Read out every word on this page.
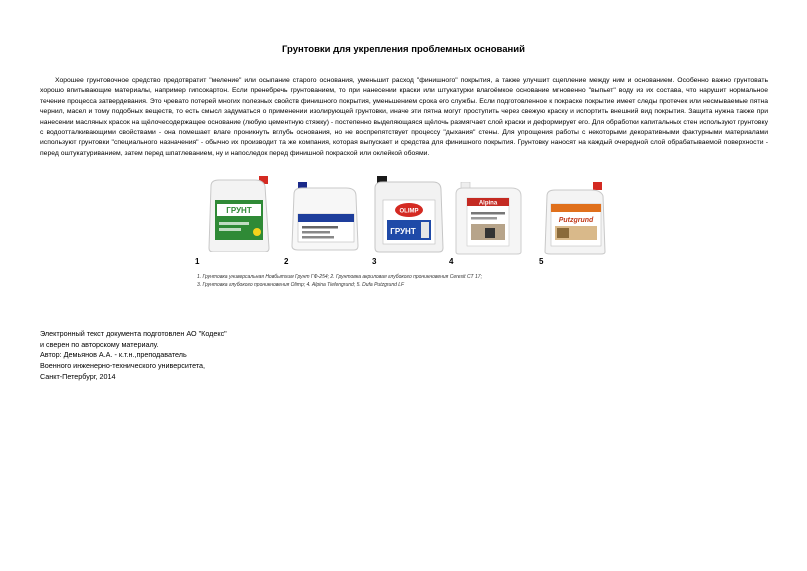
Грунтовки для укрепления проблемных оснований

Хорошее грунтовочное средство предотвратит "меление" или осыпание старого основания, уменьшит расход "финишного" покрытия, а также улучшит сцепление между ним и основанием. Особенно важно грунтовать хорошо впитывающие материалы, например гипсокартон. Если пренебречь грунтованием, то при нанесении краски или штукатурки влагоёмкое основание мгновенно "выпьет" воду из их состава, что нарушит нормальное течение процесса затвердевания. Это чревато потерей многих полезных свойств финишного покрытия, уменьшением срока его службы. Если подготовленное к покраске покрытие имеет следы протечек или несмываемые пятна чернил, масел и тому подобных веществ, то есть смысл задуматься о применении изолирующей грунтовки, иначе эти пятна могут проступить через свежую краску и испортить внешний вид покрытия. Защита нужна также при нанесении масляных красок на щёлочесодержащее основание (любую цементную стяжку) - постепенно выделяющаяся щёлочь размягчает слой краски и деформирует его. Для обработки капитальных стен используют грунтовку с водоотталкивающими свойствами - она помешает влаге проникнуть вглубь основания, но не воспрепятствует процессу "дыхания" стены. Для упрощения работы с некоторыми декоративными фактурными материалами используют грунтовки "специального назначения" - обычно их производит та же компания, которая выпускает и средства для финишного покрытия. Грунтовку наносят на каждый очередной слой обрабатываемой поверхности - перед оштукатуриванием, затем перед шпатлеванием, ну и напоследок перед финишной покраской или оклейкой обоями.

ГРУНТ	OLIMP
ГРУНТ
Alpina
Putzgrund
1	2	3	4	5
1. Грунтовка универсальная Новбытхим Грунт ГФ-254; 2. Грунтовка акриловая глубокого проникновения Ceresit CT 17;
3. Грунтовка глубокого проникновения Olimp; 4. Alpina Tiefengrund; 5. Dufa Putzgrund LF
Электронный текст документа подготовлен АО "Кодекс"
и сверен по авторскому материалу.
Автор: Демьянов А.А. - к.т.н.,преподаватель
Военного инженерно-технического университета,
Санкт-Петербург, 2014
